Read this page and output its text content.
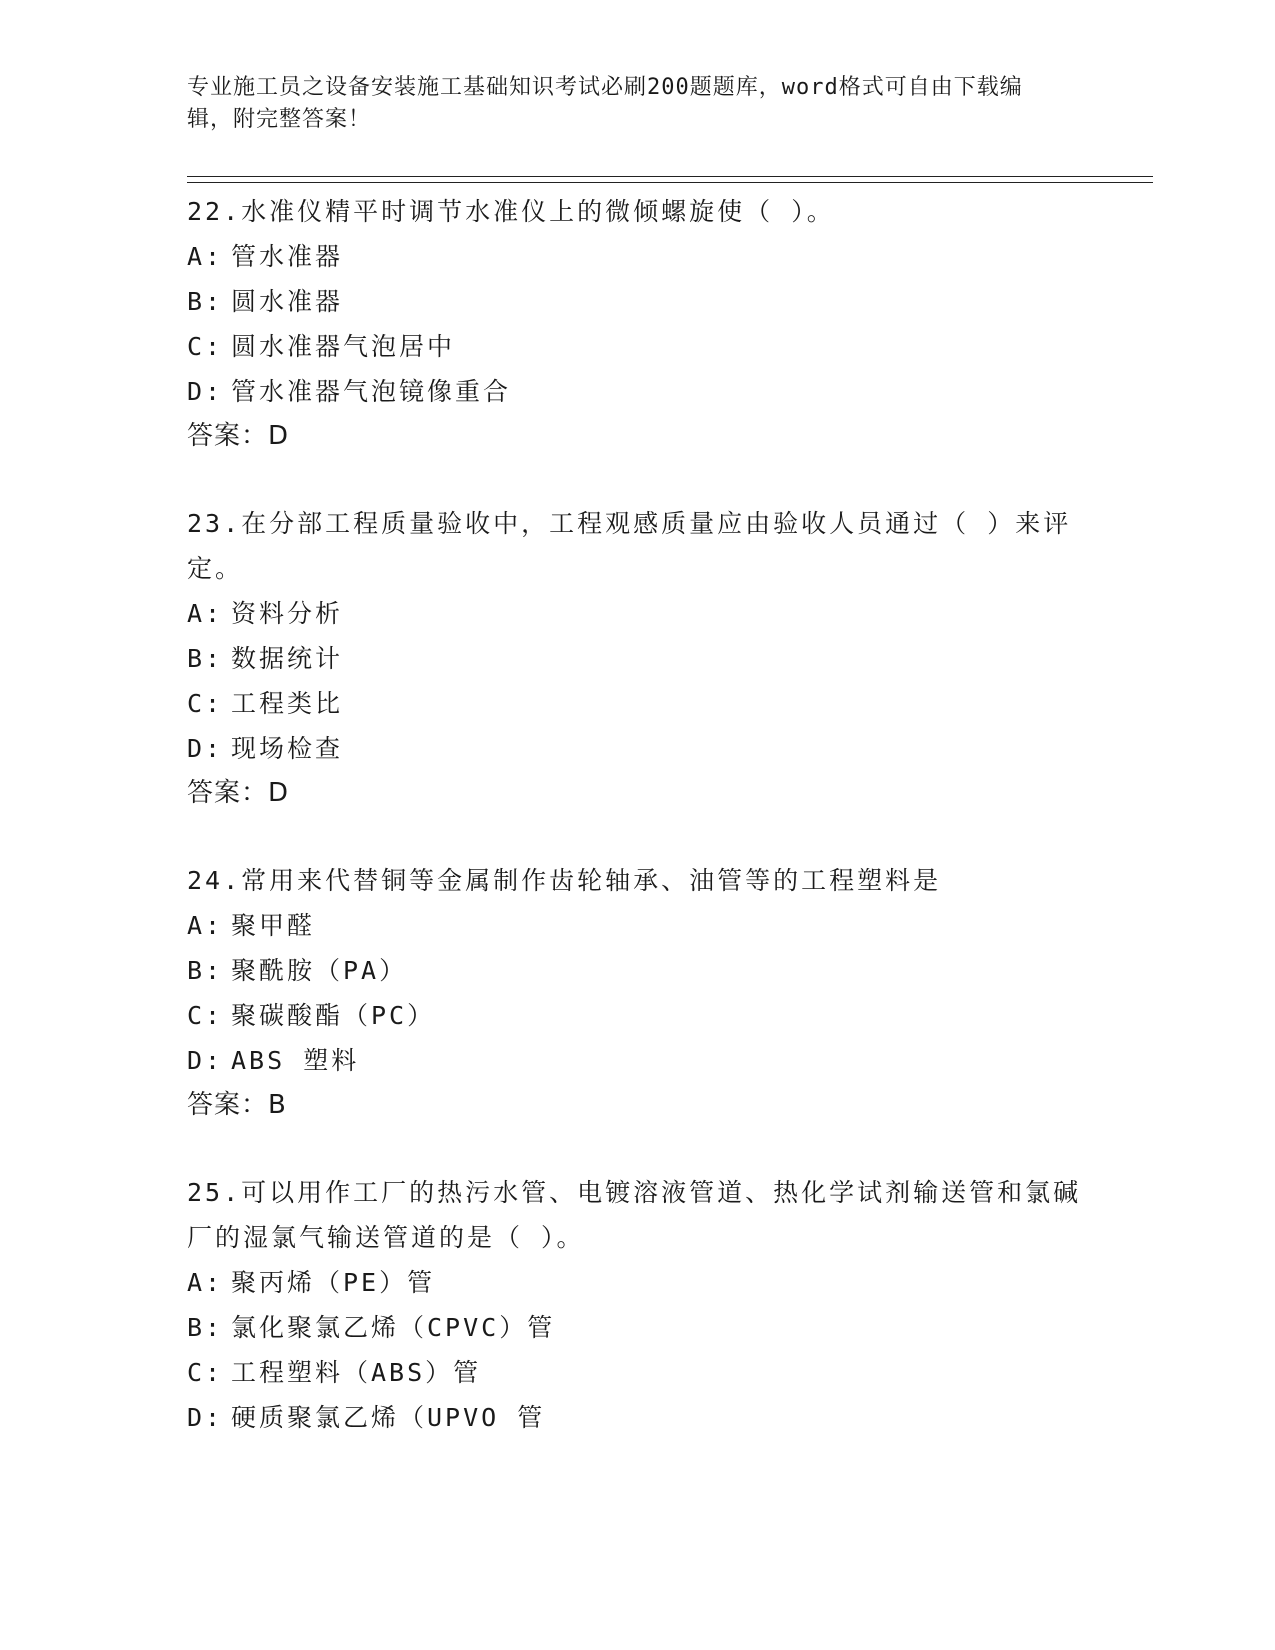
专业施工员之设备安装施工基础知识考试必刷200题题库，word格式可自由下载编辑，附完整答案！
22.水准仪精平时调节水准仪上的微倾螺旋使（ ）。
A: 管水准器
B: 圆水准器
C: 圆水准器气泡居中
D: 管水准器气泡镜像重合
答案：D
23.在分部工程质量验收中，工程观感质量应由验收人员通过（ ）来评定。
A: 资料分析
B: 数据统计
C: 工程类比
D: 现场检查
答案：D
24.常用来代替铜等金属制作齿轮轴承、油管等的工程塑料是
A: 聚甲醛
B: 聚酰胺（PA）
C: 聚碳酸酯（PC）
D: ABS 塑料
答案：B
25.可以用作工厂的热污水管、电镀溶液管道、热化学试剂输送管和氯碱厂的湿氯气输送管道的是（ ）。
A: 聚丙烯（PE）管
B: 氯化聚氯乙烯（CPVC）管
C: 工程塑料（ABS）管
D: 硬质聚氯乙烯（UPVO 管
